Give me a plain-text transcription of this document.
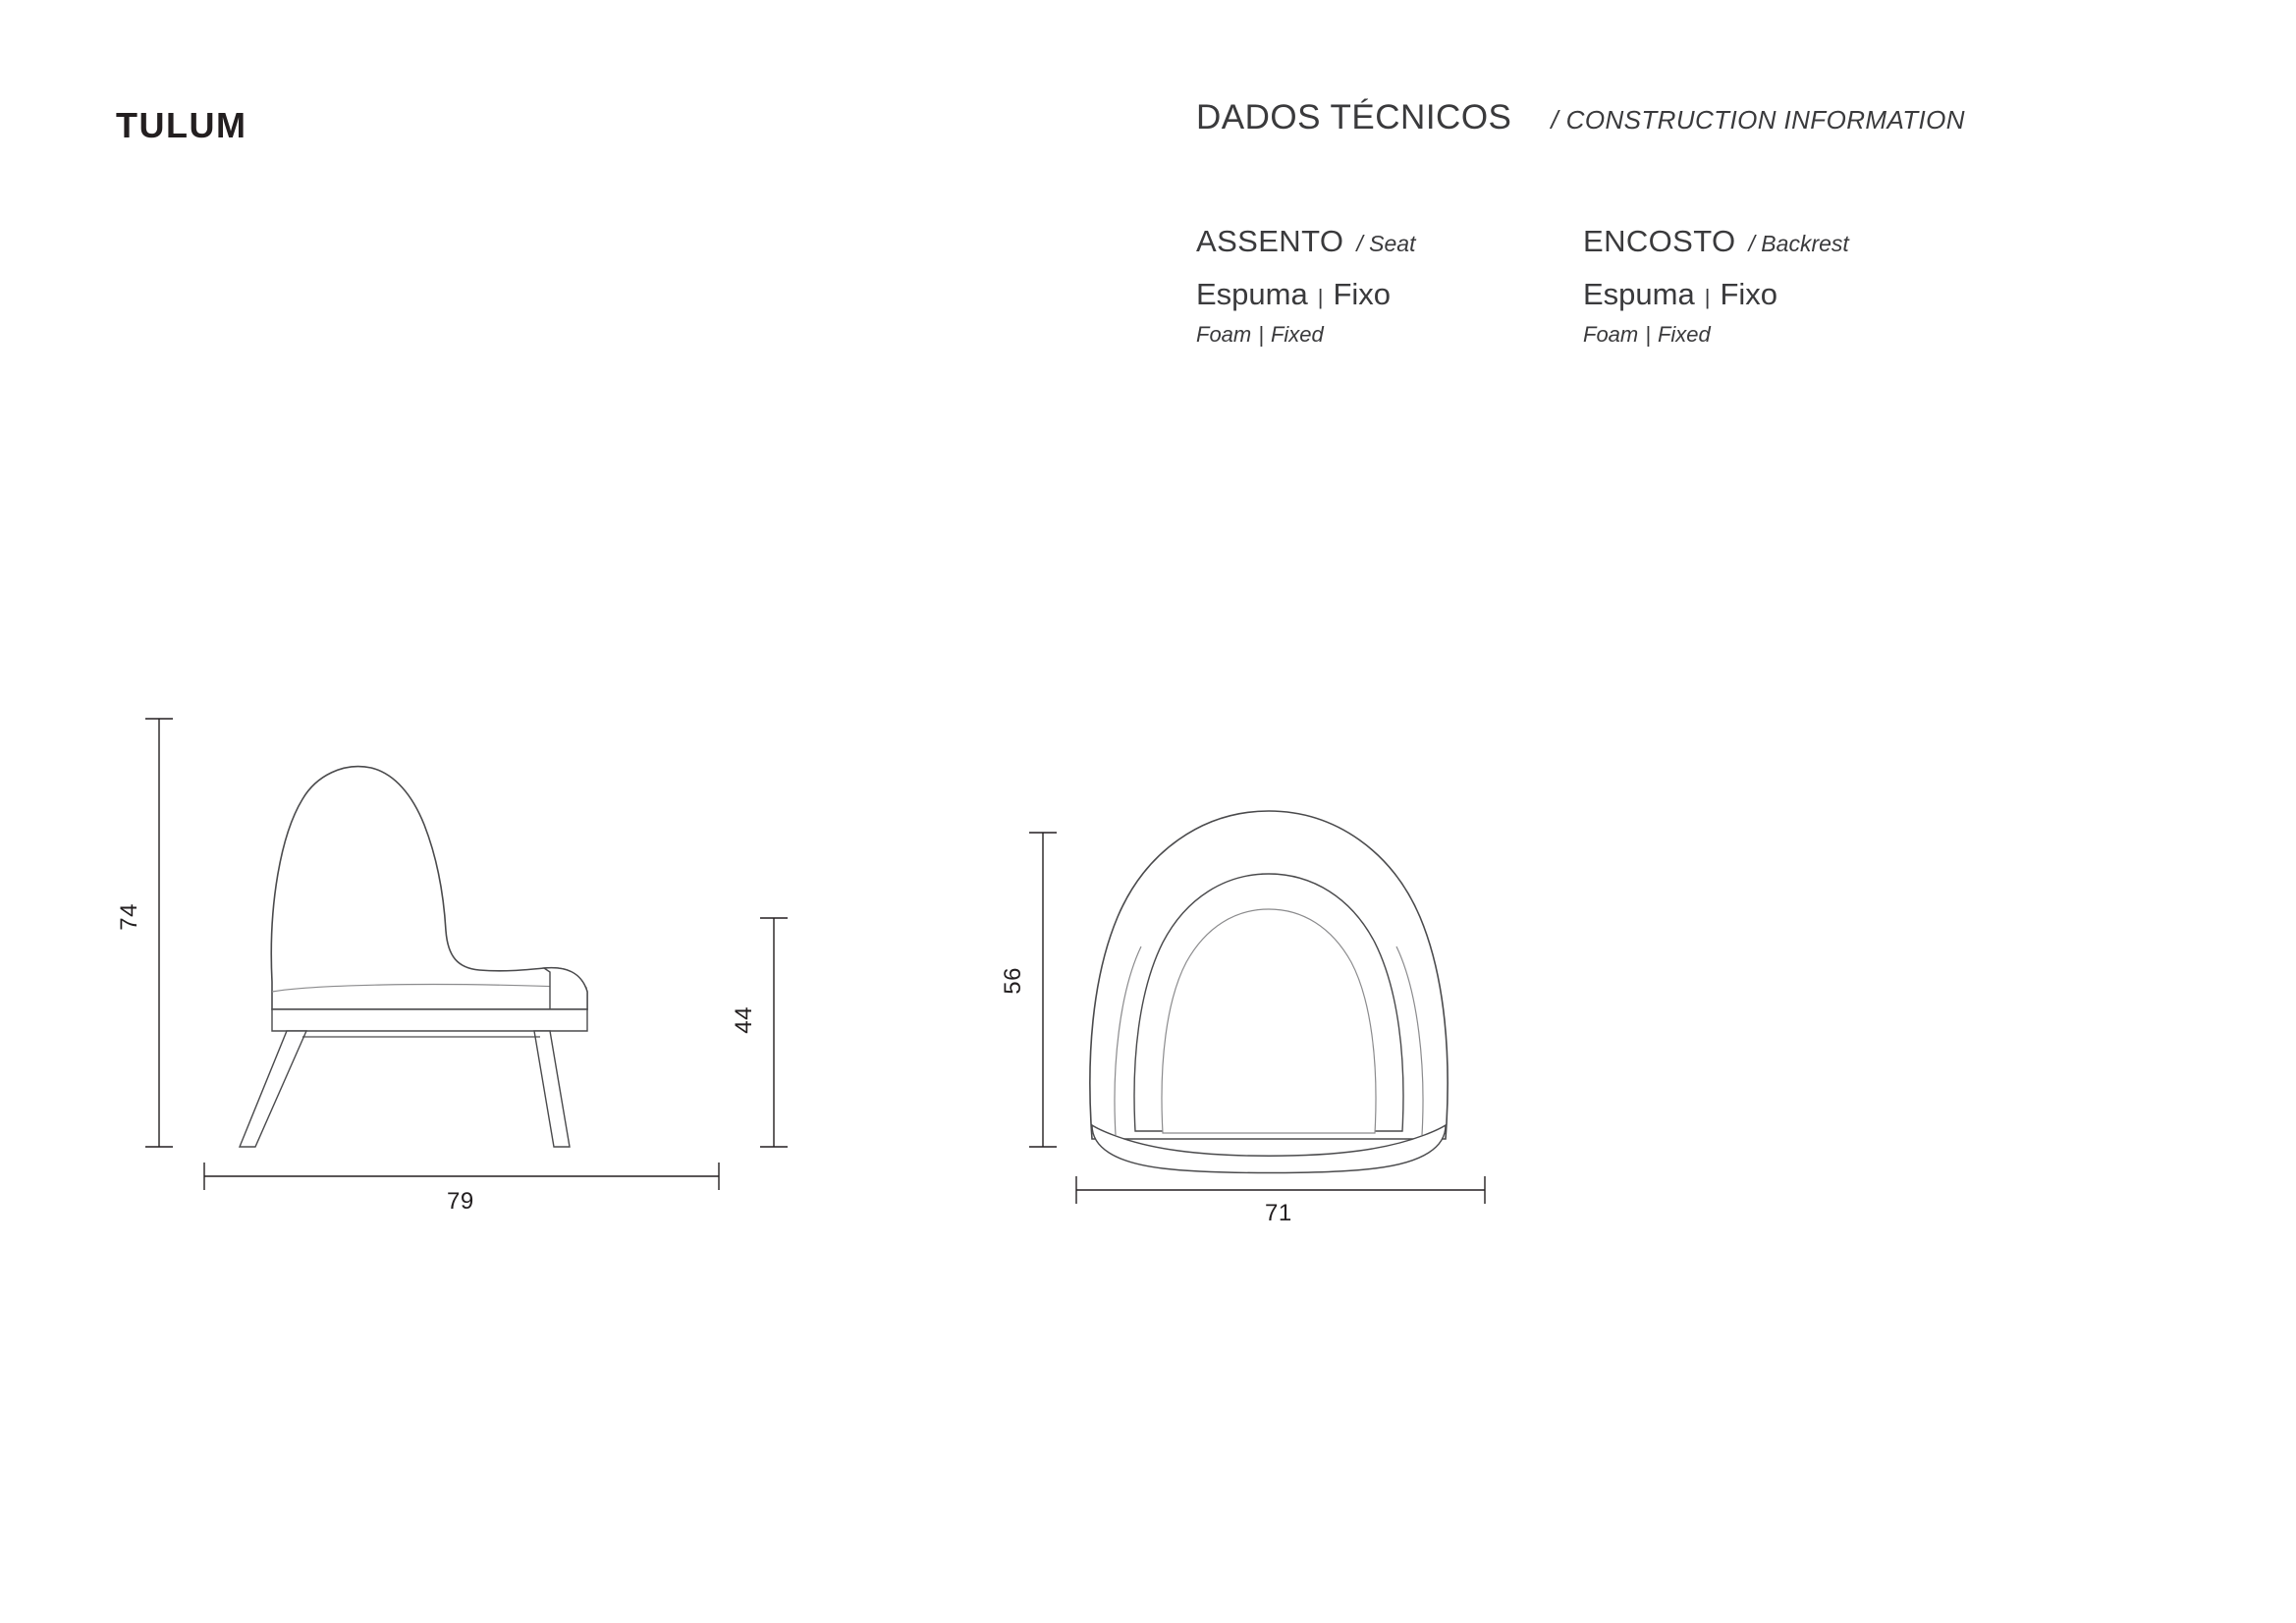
TULUM	DADOS TÉCNICOS / CONSTRUCTION INFORMATION
ASSENTO / Seat
Espuma | Fixo
Foam | Fixed
ENCOSTO / Backrest
Espuma | Fixo
Foam | Fixed
74
44
79
56
71
